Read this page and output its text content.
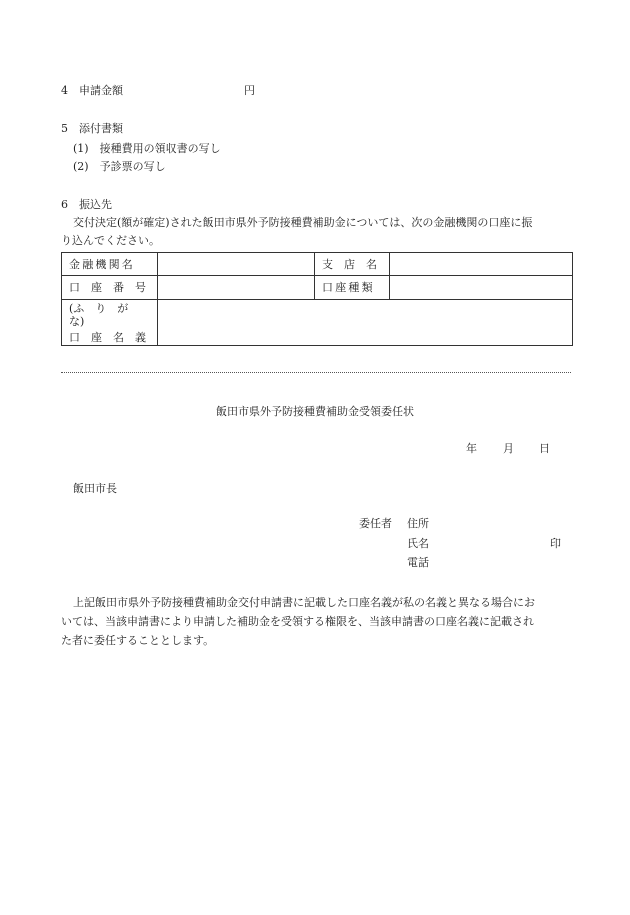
4　申請金額	円
5　添付書類
(1)　接種費用の領収書の写し
(2)　予診票の写し
6　振込先
交付決定(額が確定)された飯田市県外予防接種費補助金については、次の金融機関の口座に振
り込んでください。
金融機関名		支　店　名	
口　座　番　号		口座種類	

(ふ　り　が　な)
口　座　名　義			

飯田市県外予防接種費補助金受領委任状
年 月 日
飯田市長
委任者 住所
氏名	印
電話
上記飯田市県外予防接種費補助金交付申請書に記載した口座名義が私の名義と異なる場合にお
いては、当該申請書により申請した補助金を受領する権限を、当該申請書の口座名義に記載され
た者に委任することとします。
